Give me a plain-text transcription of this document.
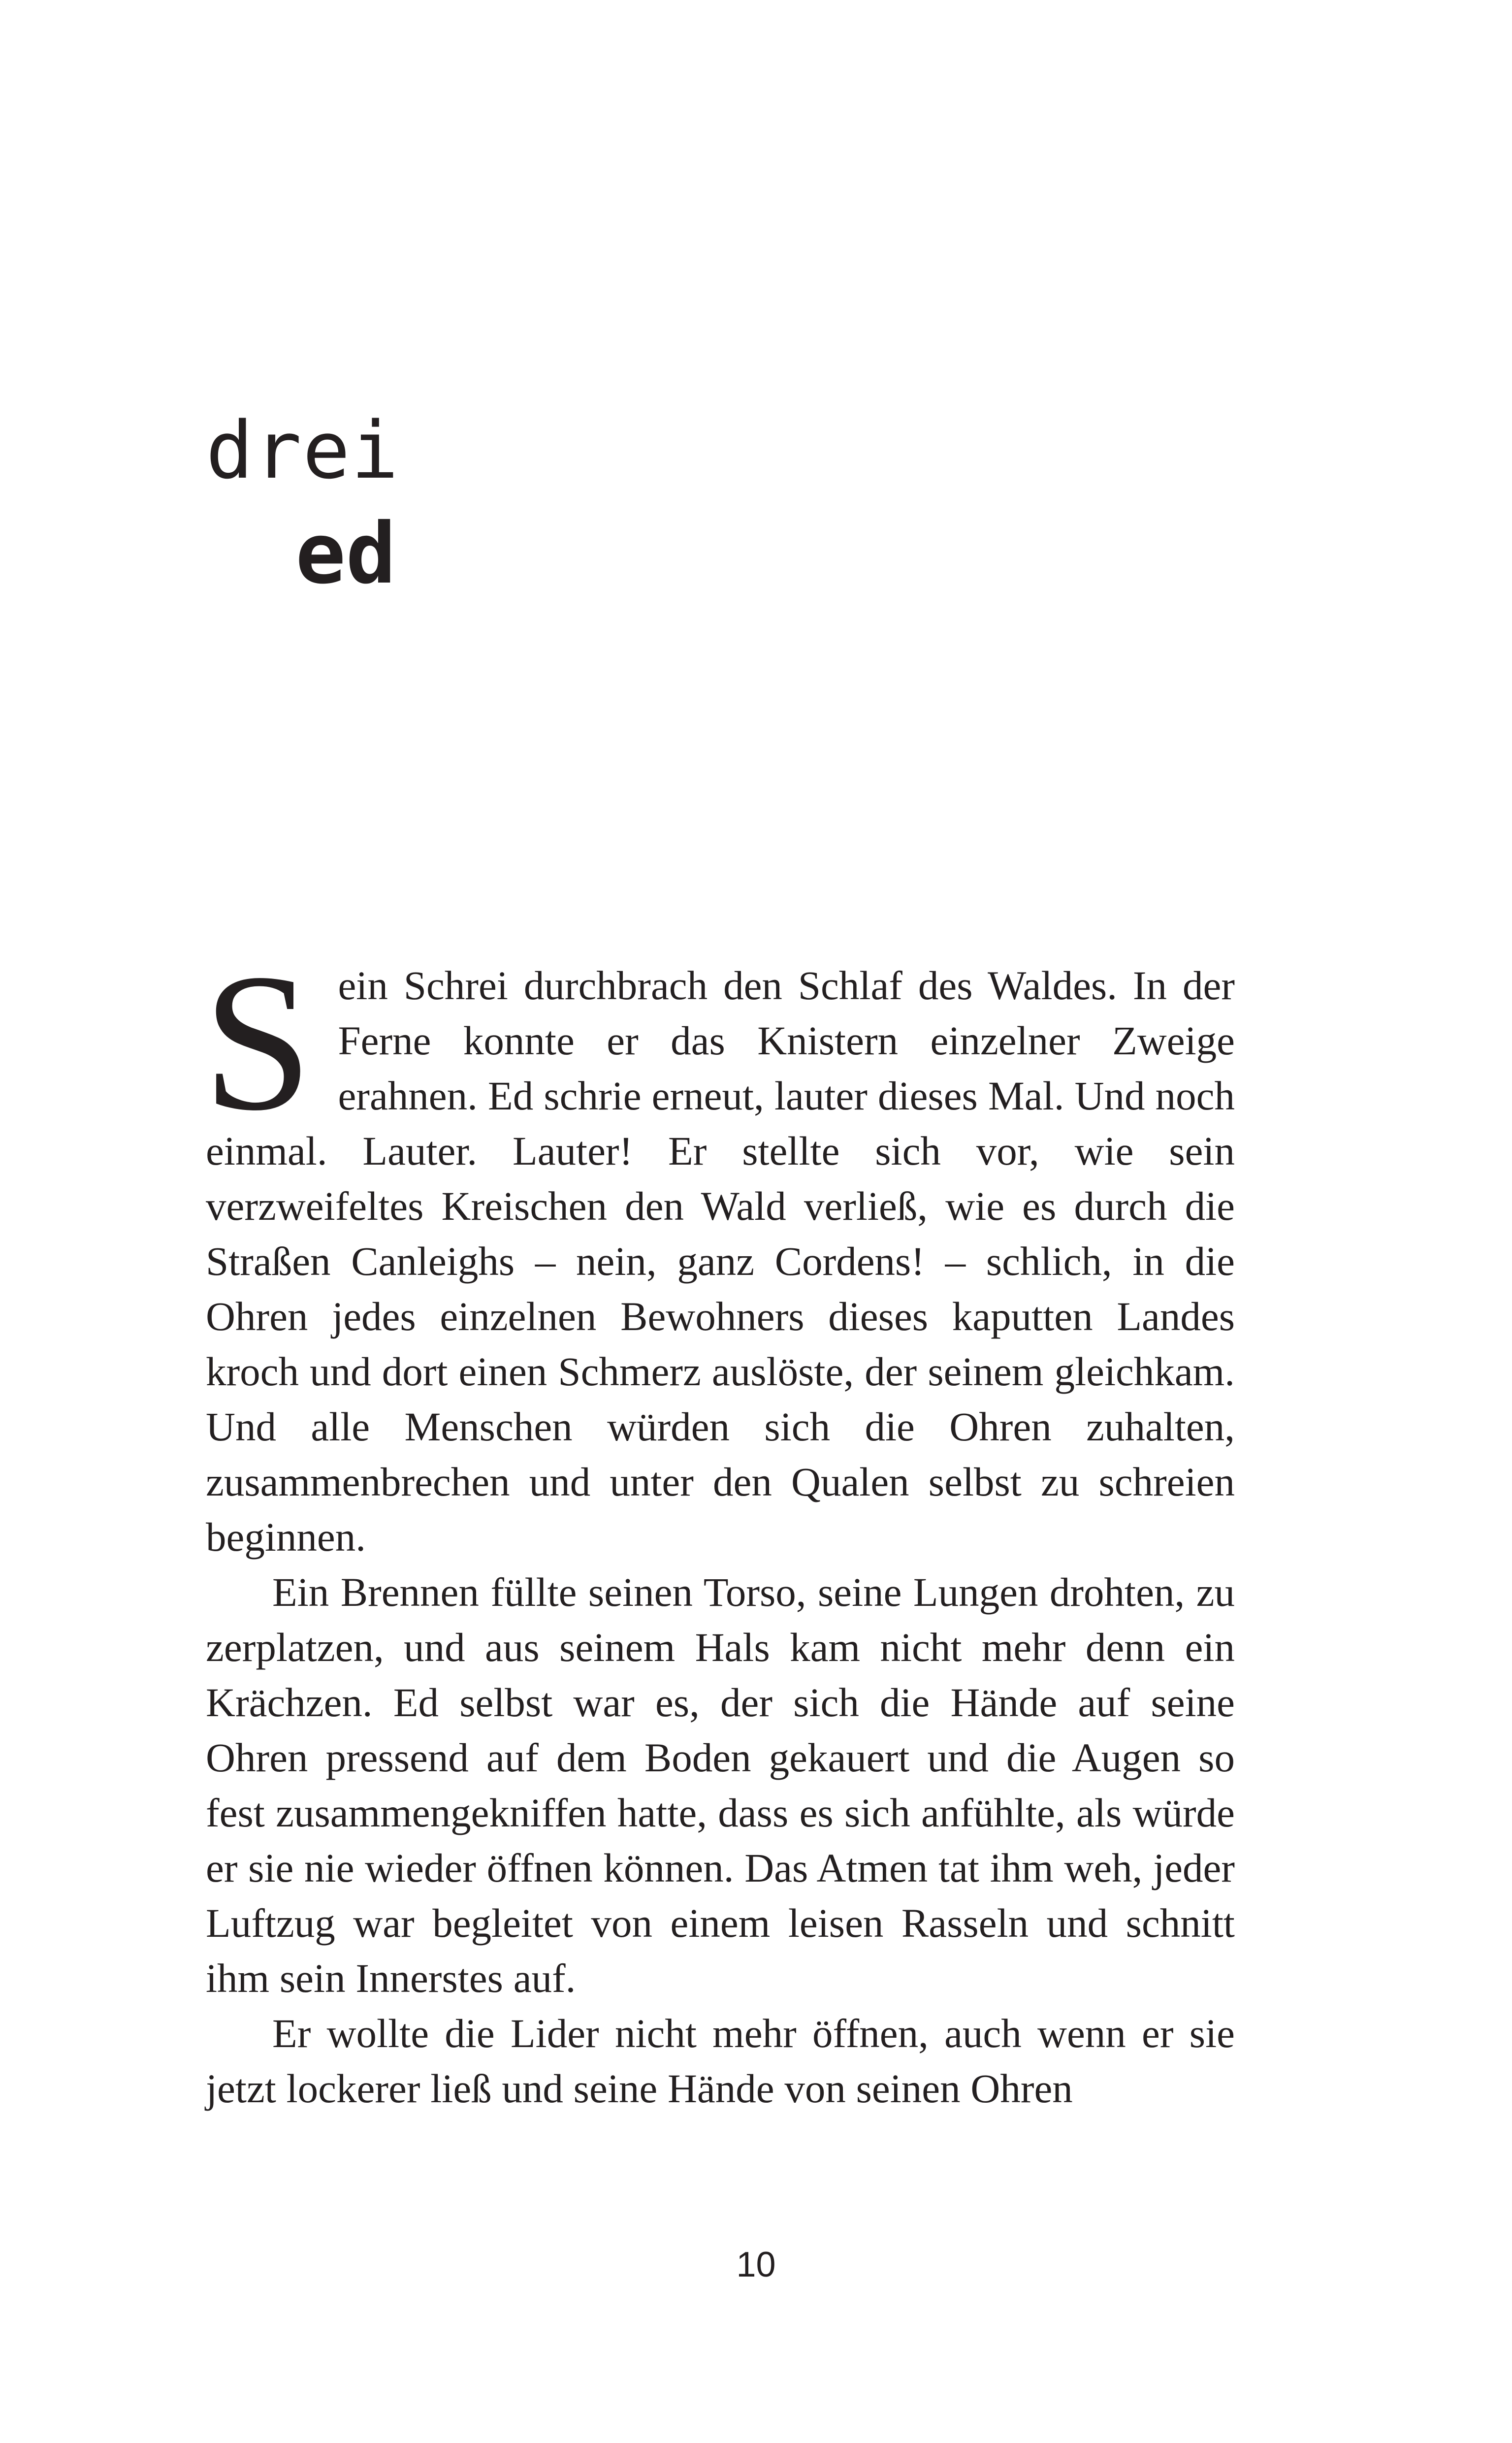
drei
ed

Sein Schrei durchbrach den Schlaf des Waldes. In der Ferne konnte er das Knistern einzelner Zweige erahnen. Ed schrie erneut, lauter dieses Mal. Und noch einmal. Lauter. Lauter! Er stellte sich vor, wie sein verzweifeltes Kreischen den Wald verließ, wie es durch die Straßen Canleighs – nein, ganz Cordens! – schlich, in die Ohren jedes einzelnen Bewohners dieses kaputten Landes kroch und dort einen Schmerz auslöste, der seinem gleichkam. Und alle Menschen würden sich die Ohren zuhalten, zusammenbrechen und unter den Qualen selbst zu schreien beginnen.

Ein Brennen füllte seinen Torso, seine Lungen drohten, zu zerplatzen, und aus seinem Hals kam nicht mehr denn ein Krächzen. Ed selbst war es, der sich die Hände auf seine Ohren pressend auf dem Boden gekauert und die Augen so fest zusammengekniffen hatte, dass es sich anfühlte, als würde er sie nie wieder öffnen können. Das Atmen tat ihm weh, jeder Luftzug war begleitet von einem leisen Rasseln und schnitt ihm sein Innerstes auf.

Er wollte die Lider nicht mehr öffnen, auch wenn er sie jetzt lockerer ließ und seine Hände von seinen Ohren

10
